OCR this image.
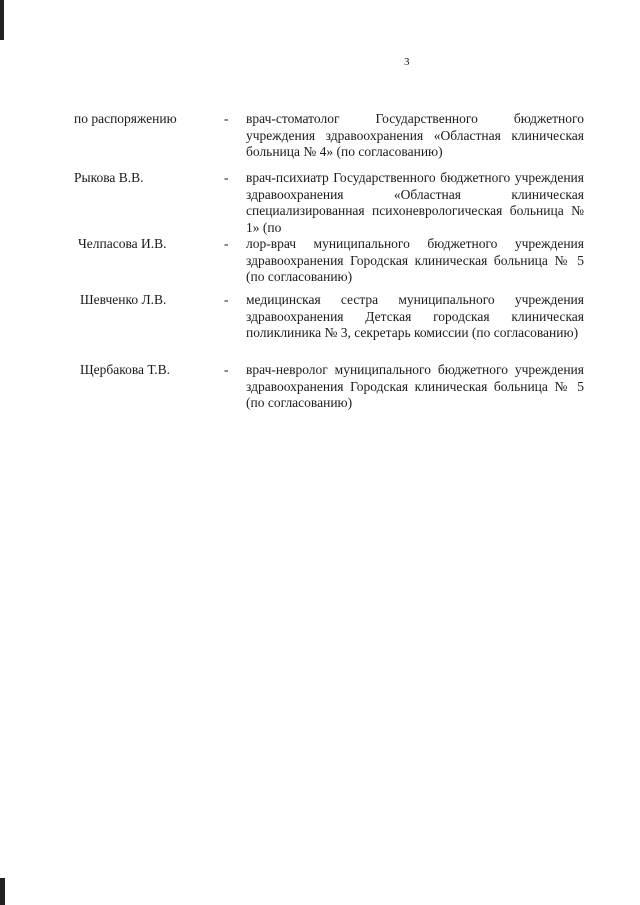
3
по распоряжению	- врач-стоматолог Государственного бюджетного учреждения здравоохранения «Областная клиническая больница № 4» (по согласованию)
Рыкова В.В.	- врач-психиатр Государственного бюджетного учреждения здравоохранения «Областная клиническая специализированная психоневрологическая больница № 1» (по
Челпасова И.В.	- лор-врач муниципального бюджетного учреждения здравоохранения Городская клиническая больница № 5 (по согласованию)
Шевченко Л.В.	- медицинская сестра муниципального учреждения здравоохранения Детская городская клиническая поликлиника № 3, секретарь комиссии (по согласованию)
Щербакова Т.В.	- врач-невролог муниципального бюджетного учреждения здравоохранения Городская клиническая больница № 5 (по согласованию)
